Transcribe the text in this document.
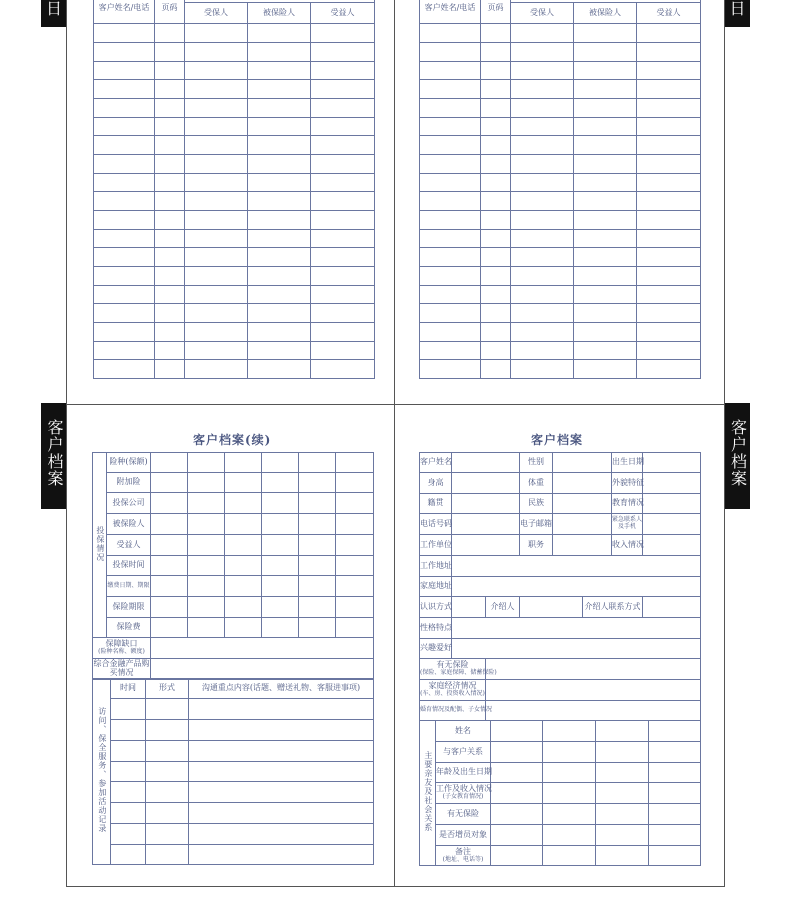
日	日
客户档案	客户档案
客户姓名/电话	页码	
		受保人	被保险人	受益人

客户姓名/电话	页码	
		受保人	被保险人	受益人

客户档案(续)
投保情况	险种(保额)						
	附加险						
	投保公司						
	被保险人						
	受益人						
	投保时间						
	缴费日期、期限						
	保险期限						
	保险费						

保障缺口
(险种名称、额度)							

综合金融产品购买情况							
访问、保全服务、参加活动记录	时间	形式	沟通重点内容(话题、赠送礼物、客服进事项)

客户档案
客户姓名			性别			出生日期	
身高			体重			外貌特征	
籍贯			民族			教育情况	
电话号码			电子邮箱			紧急联系人及手机	
工作单位			职务			收入情况	
工作地址							
家庭地址							
认识方式		介绍人			介绍人联系方式		
性格特点							
兴趣爱好							

有无保险
(保险、家庭保障、储蓄保险)							

家庭经济情况
(车、房、投资收入情况)							

婚育情况及配偶、子女情况							
主要亲友及社会关系	姓名				
	与客户关系				
	年龄及出生日期				

	工作及收入情况
(子女教育情况)				

	有无保险				
	是否增员对象				

	备注
(地址、电话等)				
